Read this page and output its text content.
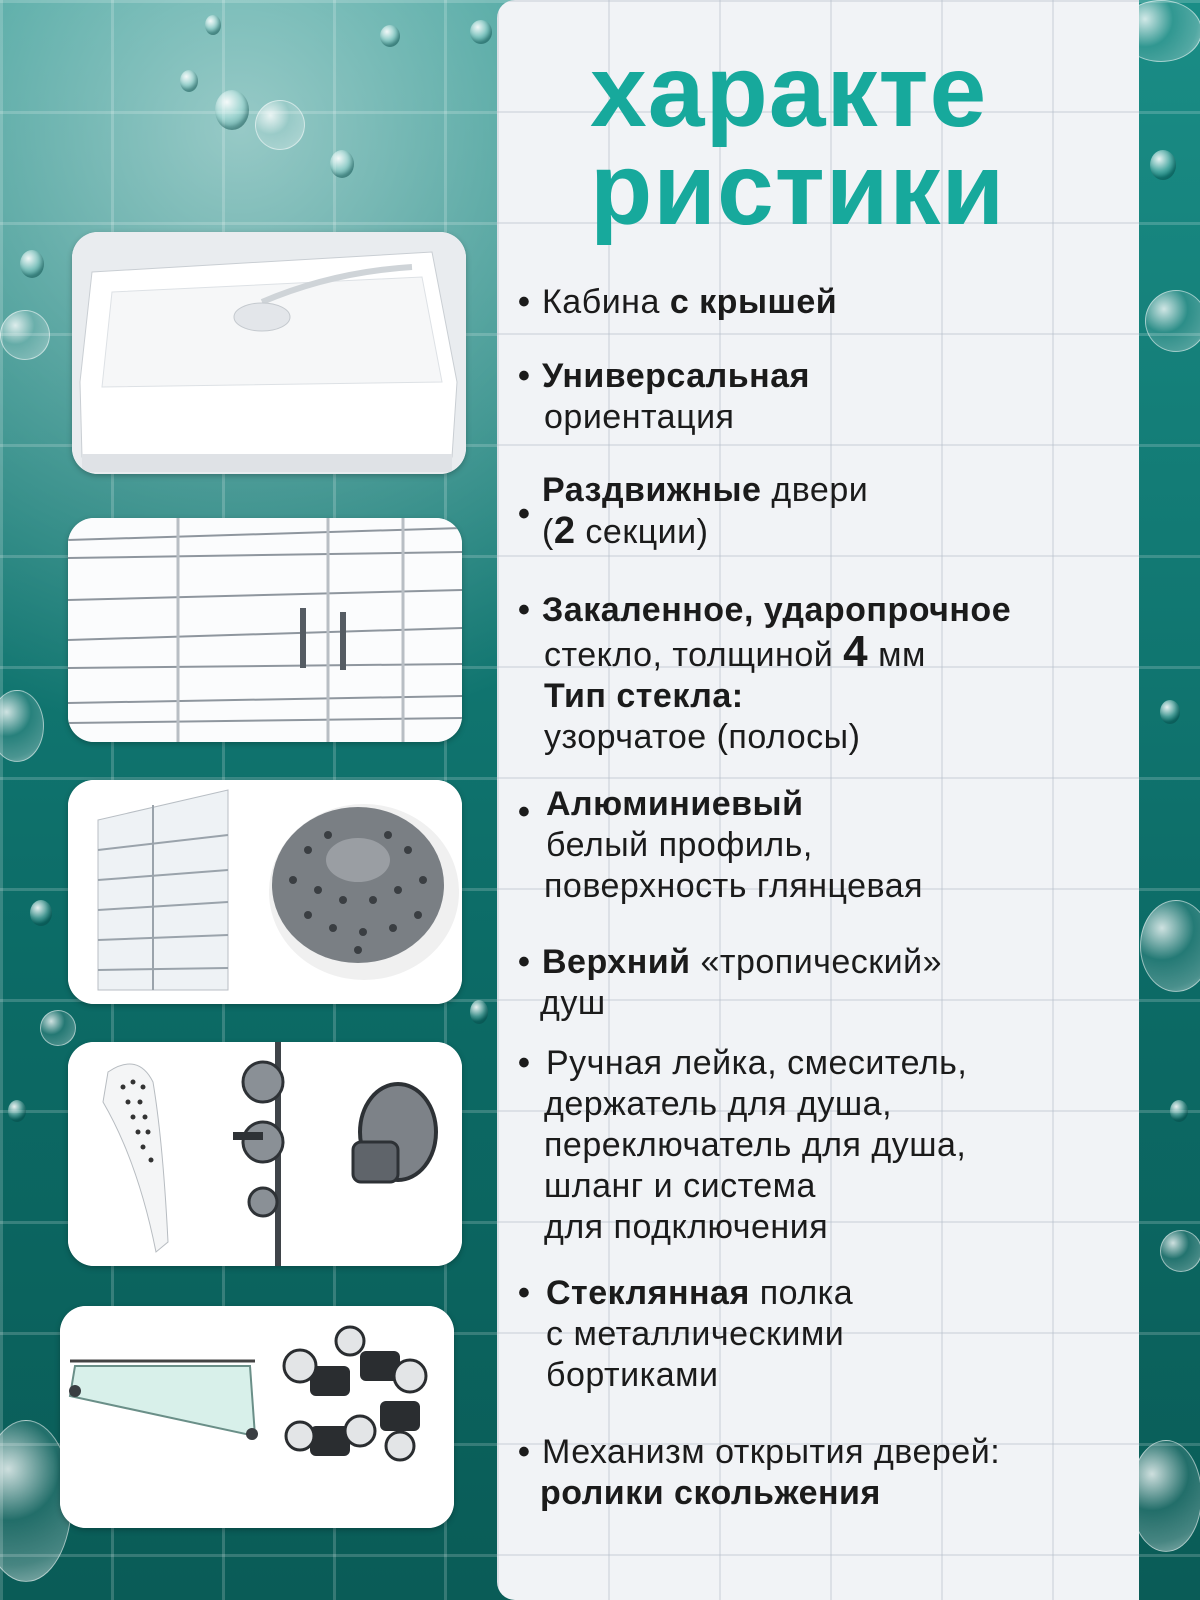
характе
ристики
• Кабина с крышей
• Универсальная
ориентация
•
Раздвижные двери
(2 секции)
• Закаленное, ударопрочное
стекло, толщиной 4 мм
Тип стекла:
узорчатое (полосы)
• Алюминиевый
белый профиль,
поверхность глянцевая
• Верхний «тропический»
душ
• Ручная лейка, смеситель,
держатель для душа,
переключатель для душа,
шланг и система
для подключения
• Стеклянная полка
с металлическими
бортиками
• Механизм открытия дверей:
ролики скольжения
